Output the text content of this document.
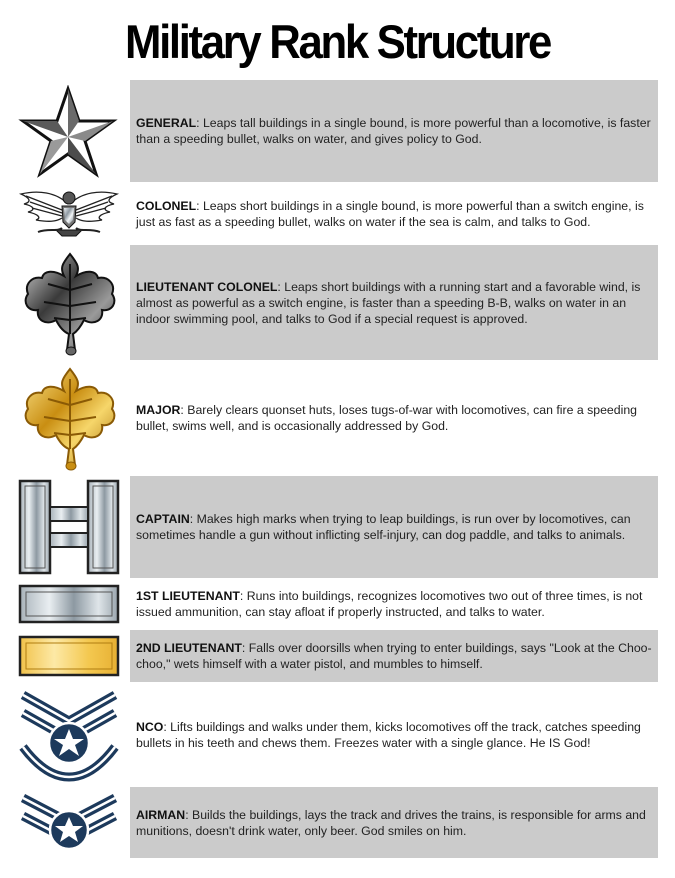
Military Rank Structure

GENERAL: Leaps tall buildings in a single bound, is more powerful than a locomotive, is faster than a speeding bullet, walks on water, and gives policy to God.

COLONEL: Leaps short buildings in a single bound, is more powerful than a switch engine, is just as fast as a speeding bullet, walks on water if the sea is calm, and talks to God.

LIEUTENANT COLONEL: Leaps short buildings with a running start and a favorable wind, is almost as powerful as a switch engine, is faster than a speeding B-B, walks on water in an indoor swimming pool, and talks to God if a special request is approved.

MAJOR: Barely clears quonset huts, loses tugs-of-war with locomotives, can fire a speeding bullet, swims well, and is occasionally addressed by God.

CAPTAIN: Makes high marks when trying to leap buildings, is run over by locomotives, can sometimes handle a gun without inflicting self-injury, can dog paddle, and talks to animals.

1ST LIEUTENANT: Runs into buildings, recognizes locomotives two out of three times, is not issued ammunition, can stay afloat if properly instructed, and talks to water.

2ND LIEUTENANT: Falls over doorsills when trying to enter buildings, says "Look at the Choo-choo," wets himself with a water pistol, and mumbles to himself.

NCO: Lifts buildings and walks under them, kicks locomotives off the track, catches speeding bullets in his teeth and chews them. Freezes water with a single glance. He IS God!

AIRMAN: Builds the buildings, lays the track and drives the trains, is responsible for arms and munitions, doesn't drink water, only beer. God smiles on him.
